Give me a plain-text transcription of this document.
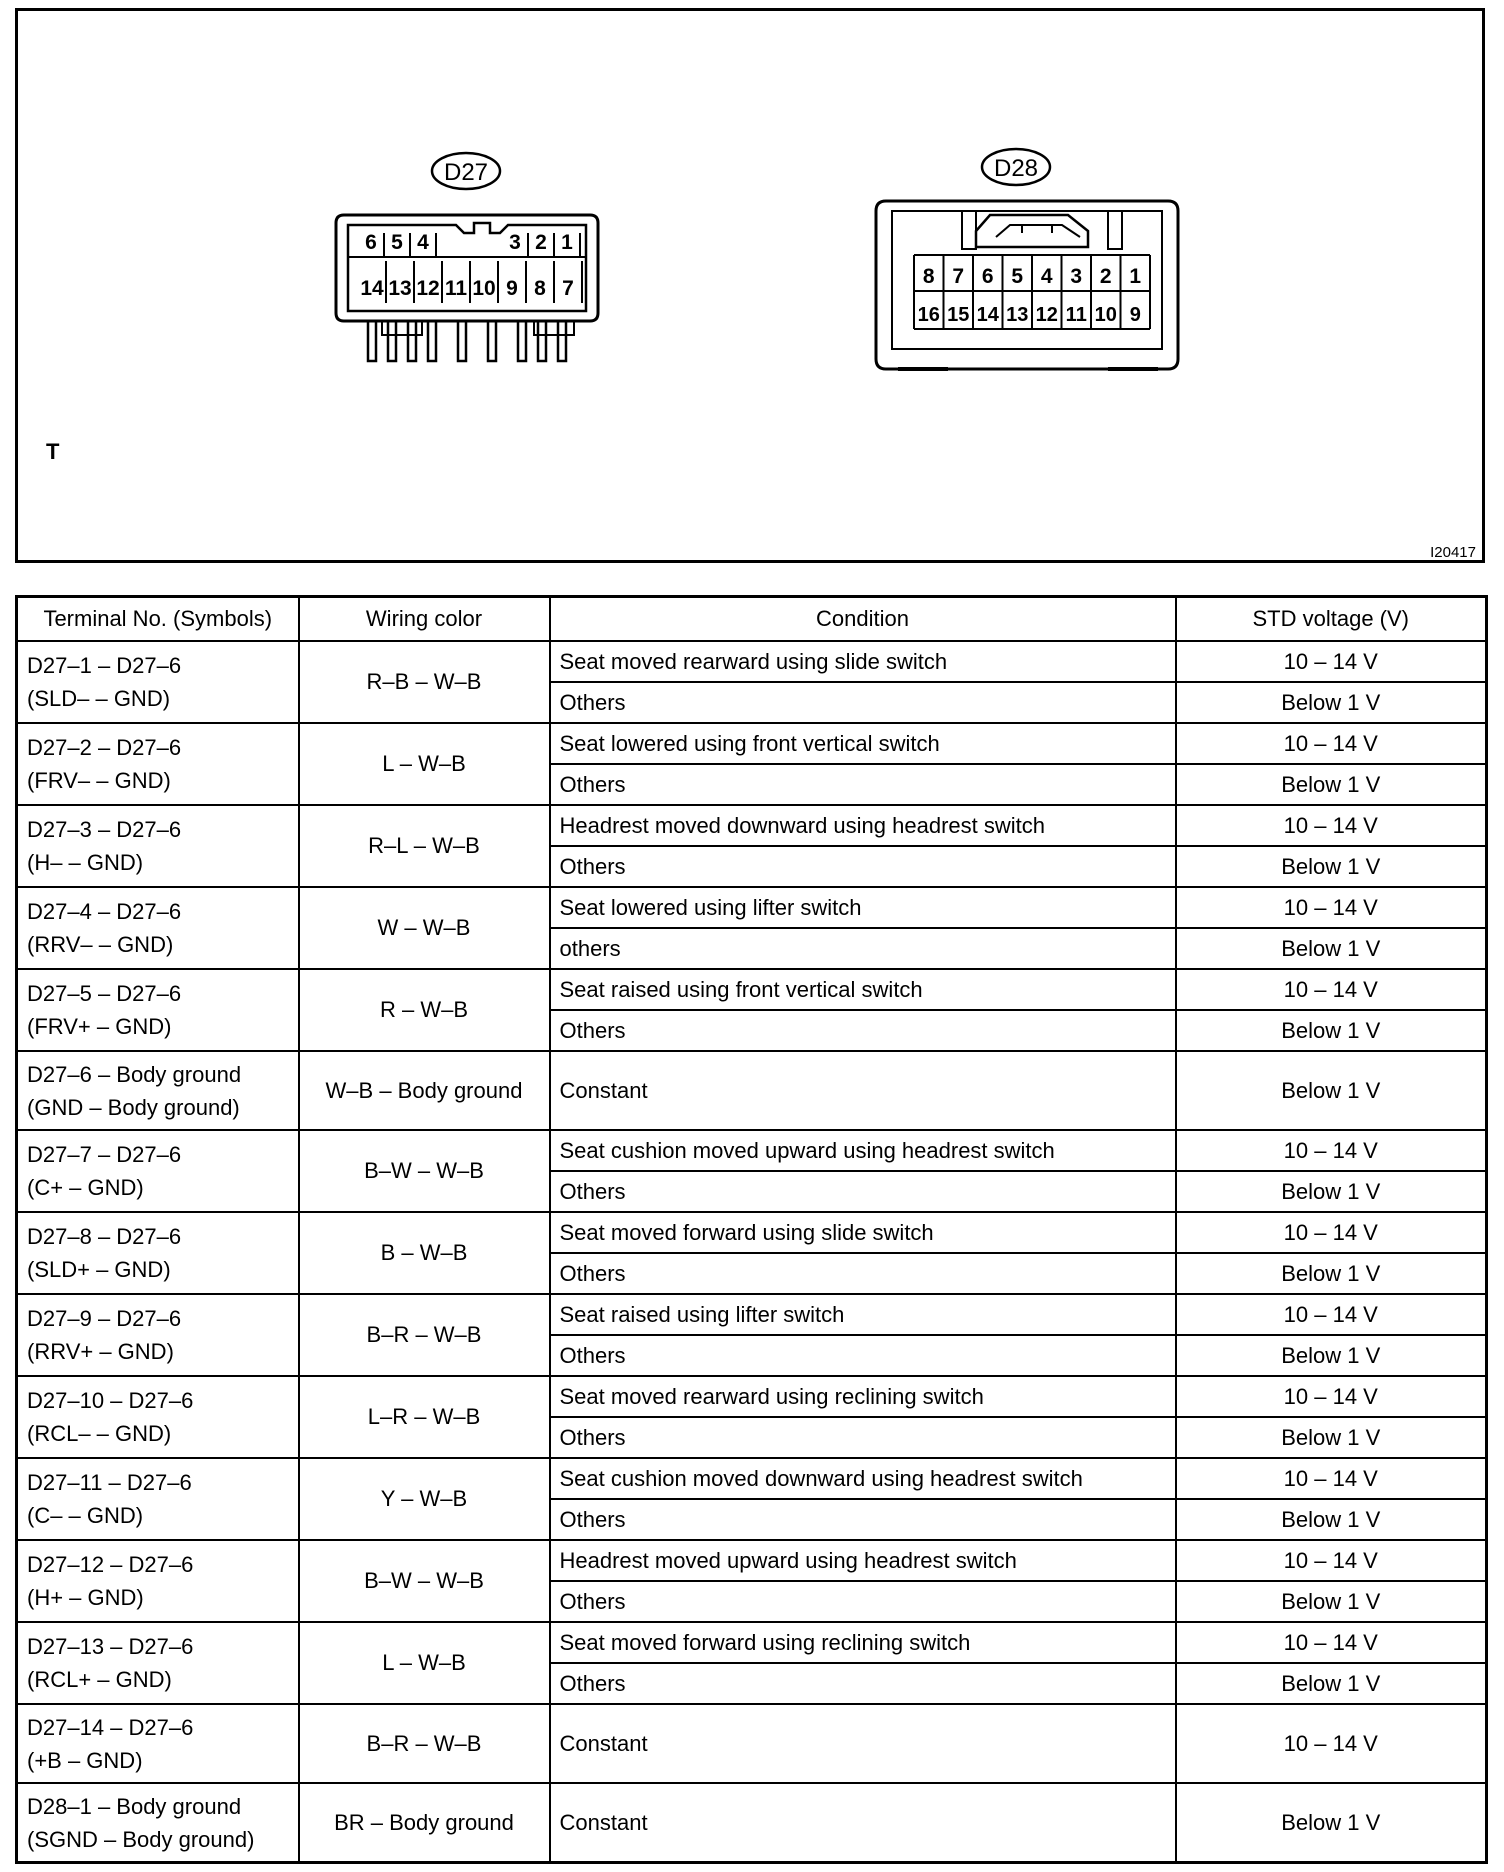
D27
6 5 4	3 2 1
14 13 12 11 10 9 8 7
D28
8 7 6 5 4 3 2 1
16 15 14 13 12 11 10 9
T
I20417
Terminal No. (Symbols)	Wiring color	Condition	STD voltage (V)

D27–1 – D27–6
(SLD– – GND)	R–B – W–B	Seat moved rearward using slide switch	10 – 14 V
		Others	Below 1 V

D27–2 – D27–6
(FRV– – GND)	L – W–B	Seat lowered using front vertical switch	10 – 14 V
		Others	Below 1 V

D27–3 – D27–6
(H– – GND)	R–L – W–B	Headrest moved downward using headrest switch	10 – 14 V
		Others	Below 1 V

D27–4 – D27–6
(RRV– – GND)	W – W–B	Seat lowered using lifter switch	10 – 14 V
		others	Below 1 V

D27–5 – D27–6
(FRV+ – GND)	R – W–B	Seat raised using front vertical switch	10 – 14 V
		Others	Below 1 V

D27–6 – Body ground
(GND – Body ground)	W–B – Body ground	Constant	Below 1 V

D27–7 – D27–6
(C+ – GND)	B–W – W–B	Seat cushion moved upward using headrest switch	10 – 14 V
		Others	Below 1 V

D27–8 – D27–6
(SLD+ – GND)	B – W–B	Seat moved forward using slide switch	10 – 14 V
		Others	Below 1 V

D27–9 – D27–6
(RRV+ – GND)	B–R – W–B	Seat raised using lifter switch	10 – 14 V
		Others	Below 1 V

D27–10 – D27–6
(RCL– – GND)	L–R – W–B	Seat moved rearward using reclining switch	10 – 14 V
		Others	Below 1 V

D27–11 – D27–6
(C– – GND)	Y – W–B	Seat cushion moved downward using headrest switch	10 – 14 V
		Others	Below 1 V

D27–12 – D27–6
(H+ – GND)	B–W – W–B	Headrest moved upward using headrest switch	10 – 14 V
		Others	Below 1 V

D27–13 – D27–6
(RCL+ – GND)	L – W–B	Seat moved forward using reclining switch	10 – 14 V
		Others	Below 1 V

D27–14 – D27–6
(+B – GND)	B–R – W–B	Constant	10 – 14 V

D28–1 – Body ground
(SGND – Body ground)	BR – Body ground	Constant	Below 1 V
